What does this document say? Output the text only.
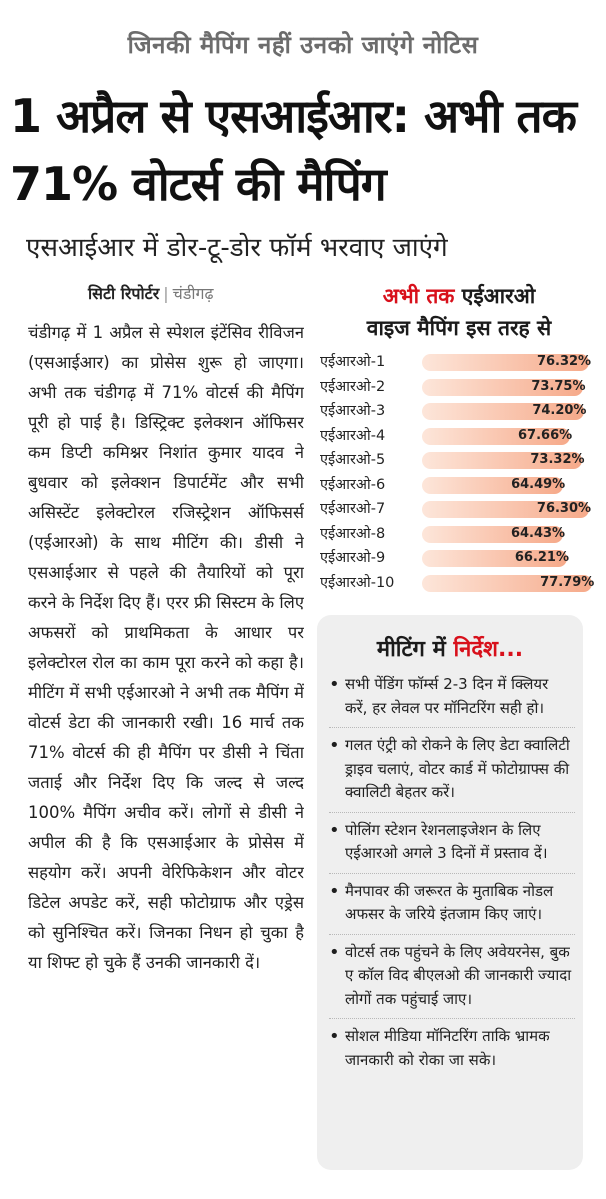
जिनकी मैपिंग नहीं उनको जाएंगे नोटिस
1 अप्रैल से एसआईआर: अभी तक 71% वोटर्स की मैपिंग
एसआईआर में डोर-टू-डोर फॉर्म भरवाए जाएंगे
सिटी रिपोर्टर | चंडीगढ़
चंडीगढ़ में 1 अप्रैल से स्पेशल इंटेंसिव रीविजन (एसआईआर) का प्रोसेस शुरू हो जाएगा। अभी तक चंडीगढ़ में 71% वोटर्स की मैपिंग पूरी हो पाई है। डिस्ट्रिक्ट इलेक्शन ऑफिसर कम डिप्टी कमिश्नर निशांत कुमार यादव ने बुधवार को इलेक्शन डिपार्टमेंट और सभी असिस्टेंट इलेक्टोरल रजिस्ट्रेशन ऑफिसर्स (एईआरओ) के साथ मीटिंग की। डीसी ने एसआईआर से पहले की तैयारियों को पूरा करने के निर्देश दिए हैं। एरर फ्री सिस्टम के लिए अफसरों को प्राथमिकता के आधार पर इलेक्टोरल रोल का काम पूरा करने को कहा है। मीटिंग में सभी एईआरओ ने अभी तक मैपिंग में वोटर्स डेटा की जानकारी रखी। 16 मार्च तक 71% वोटर्स की ही मैपिंग पर डीसी ने चिंता जताई और निर्देश दिए कि जल्द से जल्द 100% मैपिंग अचीव करें। लोगों से डीसी ने अपील की है कि एसआईआर के प्रोसेस में सहयोग करें। अपनी वेरिफिकेशन और वोटर डिटेल अपडेट करें, सही फोटोग्राफ और एड्रेस को सुनिश्चित करें। जिनका निधन हो चुका है या शिफ्ट हो चुके हैं उनकी जानकारी दें।
अभी तक एईआरओ
वाइज मैपिंग इस तरह से
एईआरओ-1	76.32%
एईआरओ-2	73.75%
एईआरओ-3	74.20%
एईआरओ-4	67.66%
एईआरओ-5	73.32%
एईआरओ-6	64.49%
एईआरओ-7	76.30%
एईआरओ-8	64.43%
एईआरओ-9	66.21%
एईआरओ-10	77.79%
मीटिंग में निर्देश...
• सभी पेंडिंग फॉर्म्स 2-3 दिन में क्लियर करें, हर लेवल पर मॉनिटरिंग सही हो।
• गलत एंट्री को रोकने के लिए डेटा क्वालिटी ड्राइव चलाएं, वोटर कार्ड में फोटोग्राफ्स की क्वालिटी बेहतर करें।
• पोलिंग स्टेशन रेशनलाइजेशन के लिए एईआरओ अगले 3 दिनों में प्रस्ताव दें।
• मैनपावर की जरूरत के मुताबिक नोडल अफसर के जरिये इंतजाम किए जाएं।
• वोटर्स तक पहुंचने के लिए अवेयरनेस, बुक ए कॉल विद बीएलओ की जानकारी ज्यादा लोगों तक पहुंचाई जाए।
• सोशल मीडिया मॉनिटरिंग ताकि भ्रामक जानकारी को रोका जा सके।
